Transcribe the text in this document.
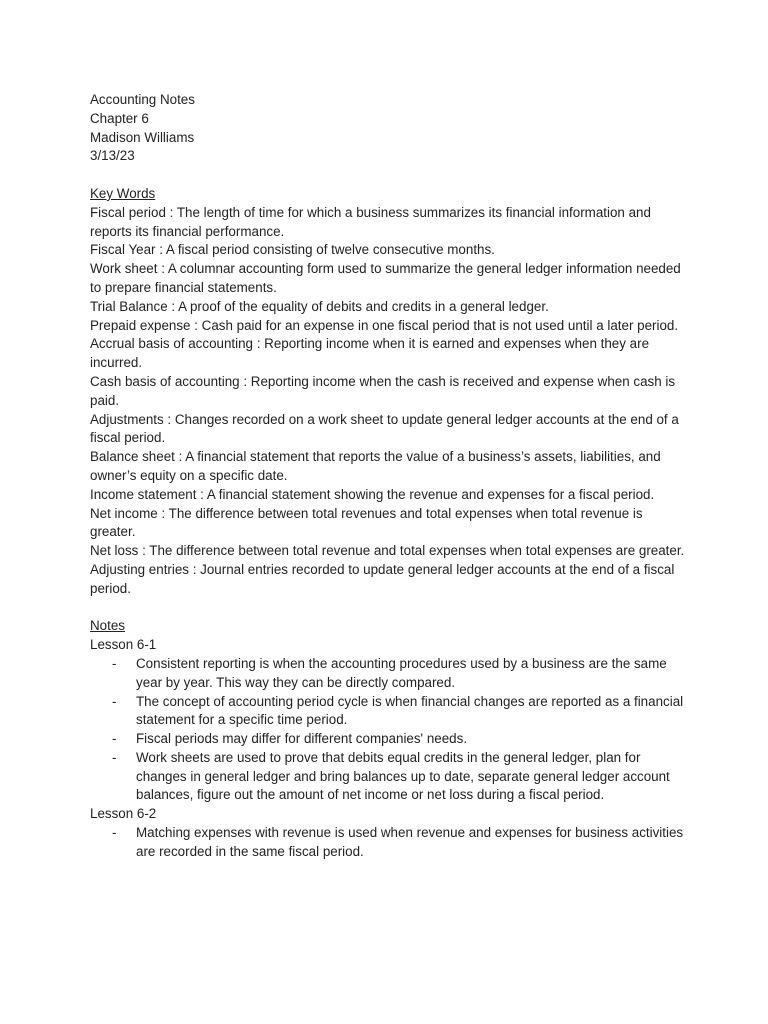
Accounting Notes
Chapter 6
Madison Williams
3/13/23
Key Words
Fiscal period : The length of time for which a business summarizes its financial information and reports its financial performance.
Fiscal Year : A fiscal period consisting of twelve consecutive months.
Work sheet : A columnar accounting form used to summarize the general ledger information needed to prepare financial statements.
Trial Balance : A proof of the equality of debits and credits in a general ledger.
Prepaid expense : Cash paid for an expense in one fiscal period that is not used until a later period.
Accrual basis of accounting : Reporting income when it is earned and expenses when they are incurred.
Cash basis of accounting : Reporting income when the cash is received and expense when cash is paid.
Adjustments : Changes recorded on a work sheet to update general ledger accounts at the end of a fiscal period.
Balance sheet : A financial statement that reports the value of a business’s assets, liabilities, and owner’s equity on a specific date.
Income statement : A financial statement showing the revenue and expenses for a fiscal period.
Net income : The difference between total revenues and total expenses when total revenue is greater.
Net loss : The difference between total revenue and total expenses when total expenses are greater.
Adjusting entries : Journal entries recorded to update general ledger accounts at the end of a fiscal period.
Notes
Lesson 6-1
- Consistent reporting is when the accounting procedures used by a business are the same year by year. This way they can be directly compared.
- The concept of accounting period cycle is when financial changes are reported as a financial statement for a specific time period.
- Fiscal periods may differ for different companies' needs.
- Work sheets are used to prove that debits equal credits in the general ledger, plan for changes in general ledger and bring balances up to date, separate general ledger account balances, figure out the amount of net income or net loss during a fiscal period.
Lesson 6-2
- Matching expenses with revenue is used when revenue and expenses for business activities are recorded in the same fiscal period.
